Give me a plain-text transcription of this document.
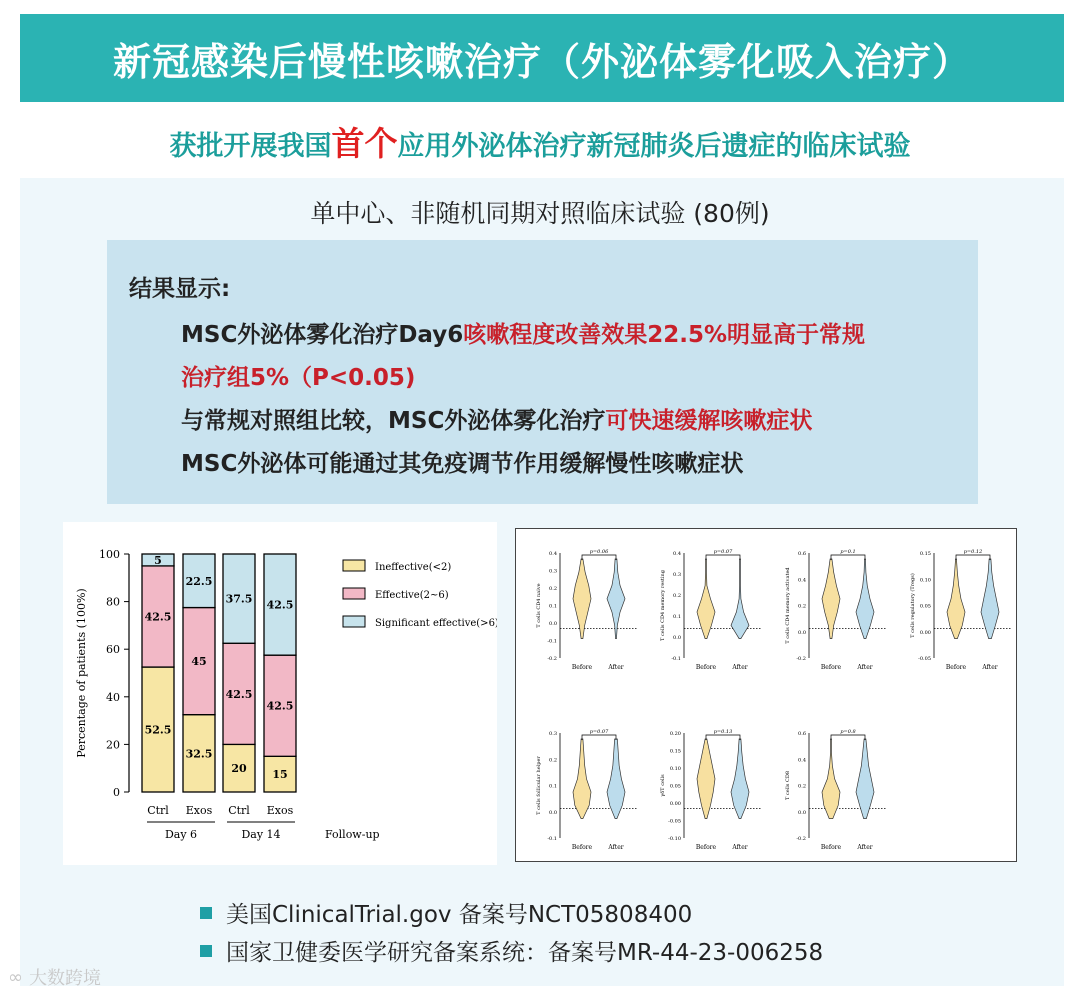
新冠感染后慢性咳嗽治疗（外泌体雾化吸入治疗）
获批开展我国首个应用外泌体治疗新冠肺炎后遗症的临床试验
单中心、非随机同期对照临床试验 (80例)
结果显示:
MSC外泌体雾化治疗Day6咳嗽程度改善效果22.5%明显高于常规
治疗组5%（P<0.05)
与常规对照组比较，MSC外泌体雾化治疗可快速缓解咳嗽症状
MSC外泌体可能通过其免疫调节作用缓解慢性咳嗽症状
0
20
40
60
80
100
Percentage of patients (100%)	52.5
42.5
5
Ctrl
32.5
45
22.5
Exos
20
42.5
37.5
Ctrl
15
42.5
42.5
Exos
Day 6	Day 14	Follow-up
Ineffective(<2)
Effective(2~6)
Significant effective(>6)
-0.2
-0.1
0.0
0.1
0.2
0.3
0.4
T cells CD4 naive
Before	After
p=0.06
-0.1
0.0
0.1
0.2
0.3
0.4
T cells CD4 memory resting
Before	After
p=0.07
-0.2
0.0
0.2
0.4
0.6
T cells CD4 memory activated
Before	After
p=0.1
-0.05
0.00
0.05
0.10
0.15
T cells regulatory (Tregs)
Before	After
p=0.12
-0.1
0.0
0.1
0.2
0.3
T cells follicular helper
Before	After
p=0.07
-0.10
-0.05
0.00
0.05
0.10
0.15
0.20
γδT cells
Before	After
p=0.13
-0.2
0.0
0.2
0.4
0.6
T cells CD8
Before	After
p=0.8
美国ClinicalTrial.gov 备案号NCT05808400
国家卫健委医学研究备案系统：备案号MR-44-23-006258
∞ 大数跨境
